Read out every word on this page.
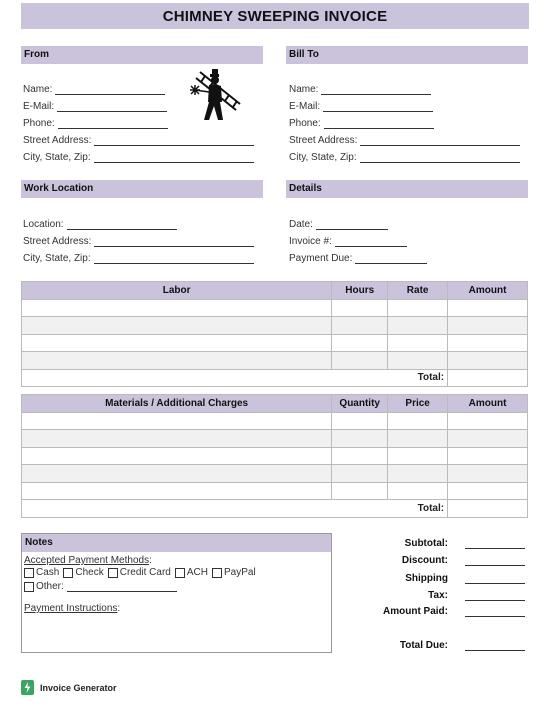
CHIMNEY SWEEPING INVOICE
From
Name:
E-Mail:
Phone:
Street Address:
City, State, Zip:
Bill To
Name:
E-Mail:
Phone:
Street Address:
City, State, Zip:
Work Location
Location:
Street Address:
City, State, Zip:
Details
Date:
Invoice #:
Payment Due:
Labor	Hours	Rate	Amount

Total:			
Materials / Additional Charges	Quantity	Price	Amount

Total:			
Notes
Accepted Payment Methods:
Cash Check Credit Card ACH PayPal
Other:
Payment Instructions:
Subtotal:
Discount:
Shipping
Tax:
Amount Paid:
Total Due:
Invoice Generator
